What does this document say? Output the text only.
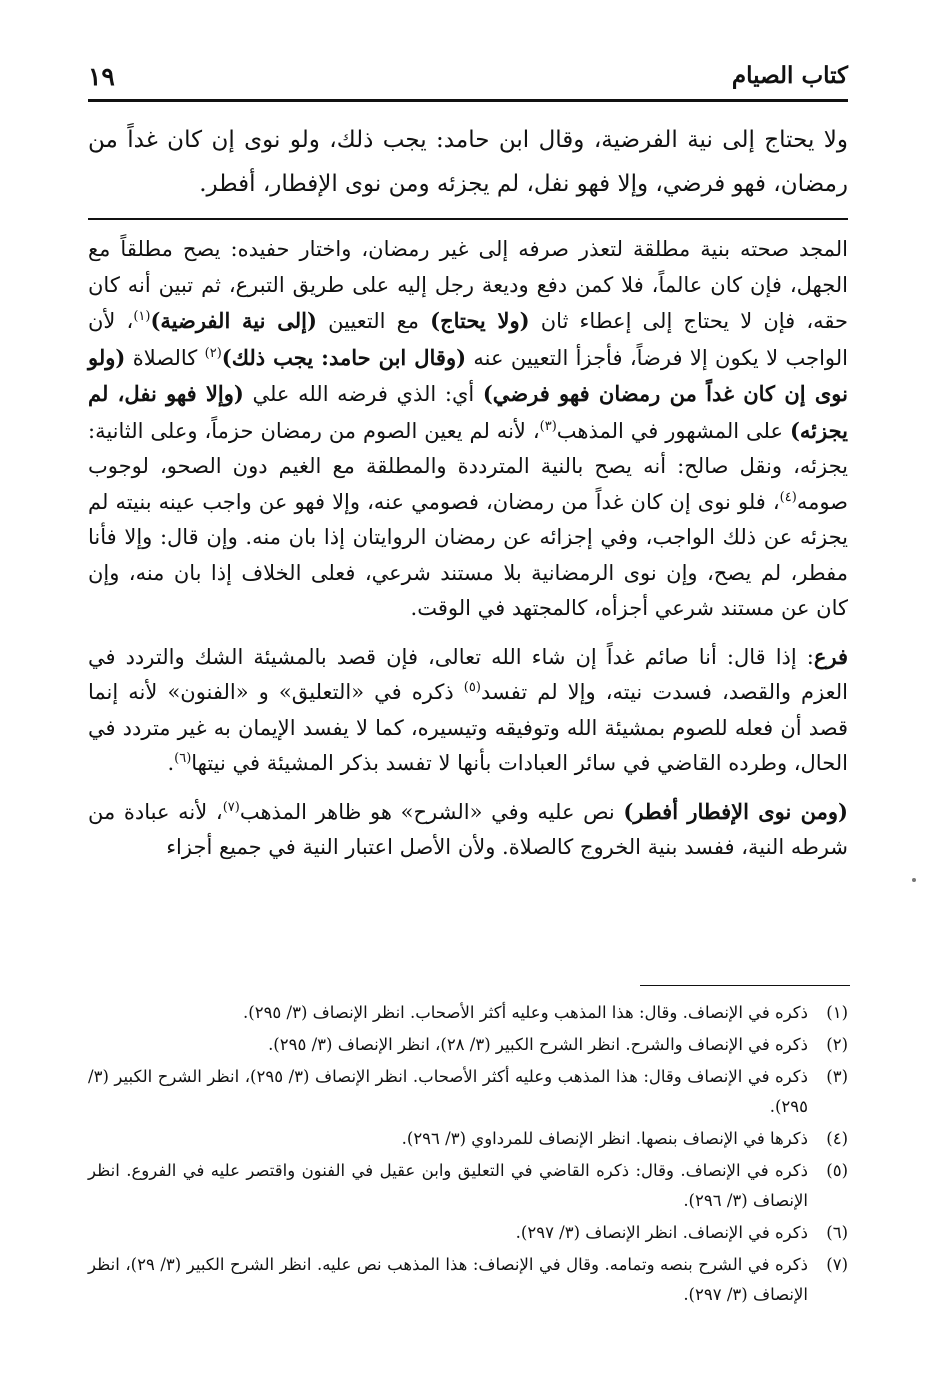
كتاب الصيام
١٩
ولا يحتاج إلى نية الفرضية، وقال ابن حامد: يجب ذلك، ولو نوى إن كان غداً من رمضان، فهو فرضي، وإلا فهو نفل، لم يجزئه ومن نوى الإفطار، أفطر.

المجد صحته بنية مطلقة لتعذر صرفه إلى غير رمضان، واختار حفيده: يصح مطلقاً مع الجهل، فإن كان عالماً، فلا كمن دفع وديعة رجل إليه على طريق التبرع، ثم تبين أنه كان حقه، فإن لا يحتاج إلى إعطاء ثان (ولا يحتاج) مع التعيين (إلى نية الفرضية)$^{(١)}$، لأن الواجب لا يكون إلا فرضاً، فأجزأ التعيين عنه (وقال ابن حامد: يجب ذلك)$^{(٢)}$ كالصلاة (ولو نوى إن كان غداً من رمضان فهو فرضي) أي: الذي فرضه الله علي (وإلا فهو نفل، لم يجزئه) على المشهور في المذهب$^{(٣)}$، لأنه لم يعين الصوم من رمضان حزماً، وعلى الثانية: يجزئه، ونقل صالح: أنه يصح بالنية المترددة والمطلقة مع الغيم دون الصحو، لوجوب صومه$^{(٤)}$، فلو نوى إن كان غداً من رمضان، فصومي عنه، وإلا فهو عن واجب عينه بنيته لم يجزئه عن ذلك الواجب، وفي إجزائه عن رمضان الروايتان إذا بان منه. وإن قال: وإلا فأنا مفطر، لم يصح، وإن نوى الرمضانية بلا مستند شرعي، فعلى الخلاف إذا بان منه، وإن كان عن مستند شرعي أجزأه، كالمجتهد في الوقت.

فرع: إذا قال: أنا صائم غداً إن شاء الله تعالى، فإن قصد بالمشيئة الشك والتردد في العزم والقصد، فسدت نيته، وإلا لم تفسد$^{(٥)}$ ذكره في «التعليق» و «الفنون» لأنه إنما قصد أن فعله للصوم بمشيئة الله وتوفيقه وتيسيره، كما لا يفسد الإيمان به غير متردد في الحال، وطرده القاضي في سائر العبادات بأنها لا تفسد بذكر المشيئة في نيتها$^{(٦)}$.

(ومن نوى الإفطار أفطر) نص عليه وفي «الشرح» هو ظاهر المذهب$^{(٧)}$، لأنه عبادة من شرطه النية، ففسد بنية الخروج كالصلاة. ولأن الأصل اعتبار النية في جميع أجزاء

(١)
ذكره في الإنصاف. وقال: هذا المذهب وعليه أكثر الأصحاب. انظر الإنصاف (٣/ ٢٩٥).
(٢)
ذكره في الإنصاف والشرح. انظر الشرح الكبير (٣/ ٢٨)، انظر الإنصاف (٣/ ٢٩٥).
(٣)
ذكره في الإنصاف وقال: هذا المذهب وعليه أكثر الأصحاب. انظر الإنصاف (٣/ ٢٩٥)، انظر الشرح الكبير (٣/ ٢٩٥).
(٤)
ذكرها في الإنصاف بنصها. انظر الإنصاف للمرداوي (٣/ ٢٩٦).
(٥)
ذكره في الإنصاف. وقال: ذكره القاضي في التعليق وابن عقيل في الفنون واقتصر عليه في الفروع. انظر الإنصاف (٣/ ٢٩٦).
(٦)
ذكره في الإنصاف. انظر الإنصاف (٣/ ٢٩٧).
(٧)
ذكره في الشرح بنصه وتمامه. وقال في الإنصاف: هذا المذهب نص عليه. انظر الشرح الكبير (٣/ ٢٩)، انظر الإنصاف (٣/ ٢٩٧).
